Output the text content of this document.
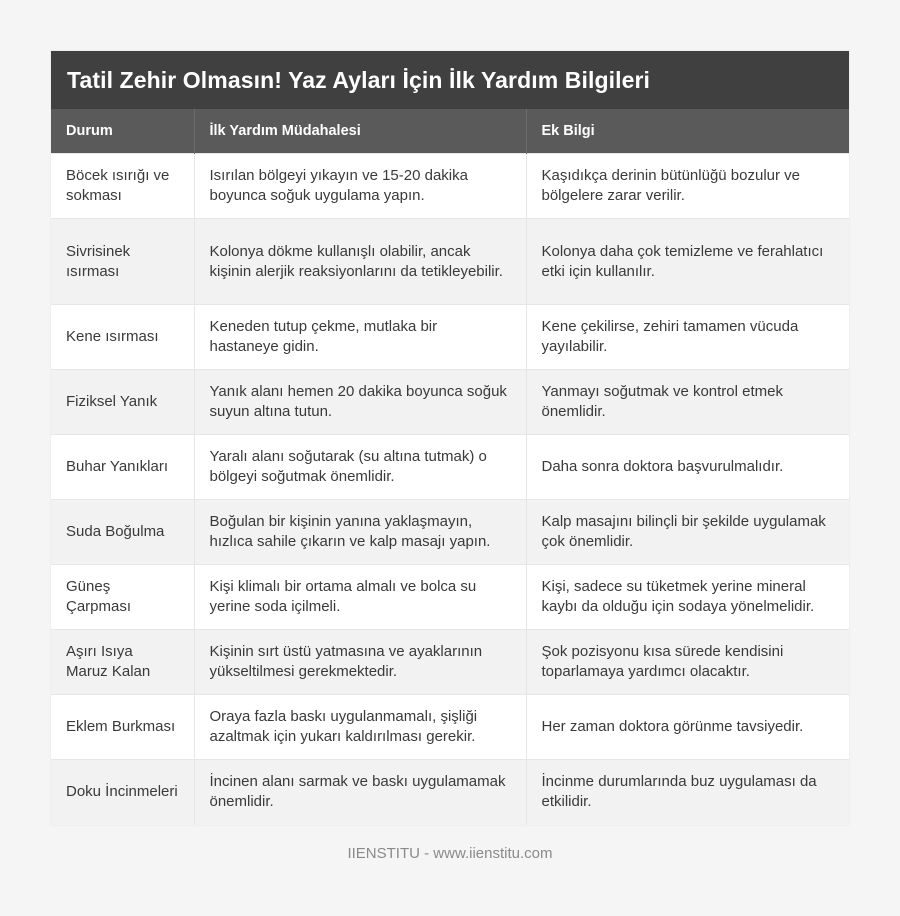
Tatil Zehir Olmasın! Yaz Ayları İçin İlk Yardım Bilgileri
Durum	İlk Yardım Müdahalesi	Ek Bilgi
Böcek ısırığı ve sokması	Isırılan bölgeyi yıkayın ve 15-20 dakika boyunca soğuk uygulama yapın.	Kaşıdıkça derinin bütünlüğü bozulur ve bölgelere zarar verilir.
Sivrisinek ısırması	Kolonya dökme kullanışlı olabilir, ancak kişinin alerjik reaksiyonlarını da tetikleyebilir.	Kolonya daha çok temizleme ve ferahlatıcı etki için kullanılır.
Kene ısırması	Keneden tutup çekme, mutlaka bir hastaneye gidin.	Kene çekilirse, zehiri tamamen vücuda yayılabilir.
Fiziksel Yanık	Yanık alanı hemen 20 dakika boyunca soğuk suyun altına tutun.	Yanmayı soğutmak ve kontrol etmek önemlidir.
Buhar Yanıkları	Yaralı alanı soğutarak (su altına tutmak) o bölgeyi soğutmak önemlidir.	Daha sonra doktora başvurulmalıdır.
Suda Boğulma	Boğulan bir kişinin yanına yaklaşmayın, hızlıca sahile çıkarın ve kalp masajı yapın.	Kalp masajını bilinçli bir şekilde uygulamak çok önemlidir.
Güneş Çarpması	Kişi klimalı bir ortama almalı ve bolca su yerine soda içilmeli.	Kişi, sadece su tüketmek yerine mineral kaybı da olduğu için sodaya yönelmelidir.
Aşırı Isıya Maruz Kalan	Kişinin sırt üstü yatmasına ve ayaklarının yükseltilmesi gerekmektedir.	Şok pozisyonu kısa sürede kendisini toparlamaya yardımcı olacaktır.
Eklem Burkması	Oraya fazla baskı uygulanmamalı, şişliği azaltmak için yukarı kaldırılması gerekir.	Her zaman doktora görünme tavsiyedir.
Doku İncinmeleri	İncinen alanı sarmak ve baskı uygulamamak önemlidir.	İncinme durumlarında buz uygulaması da etkilidir.
IIENSTITU - www.iienstitu.com
